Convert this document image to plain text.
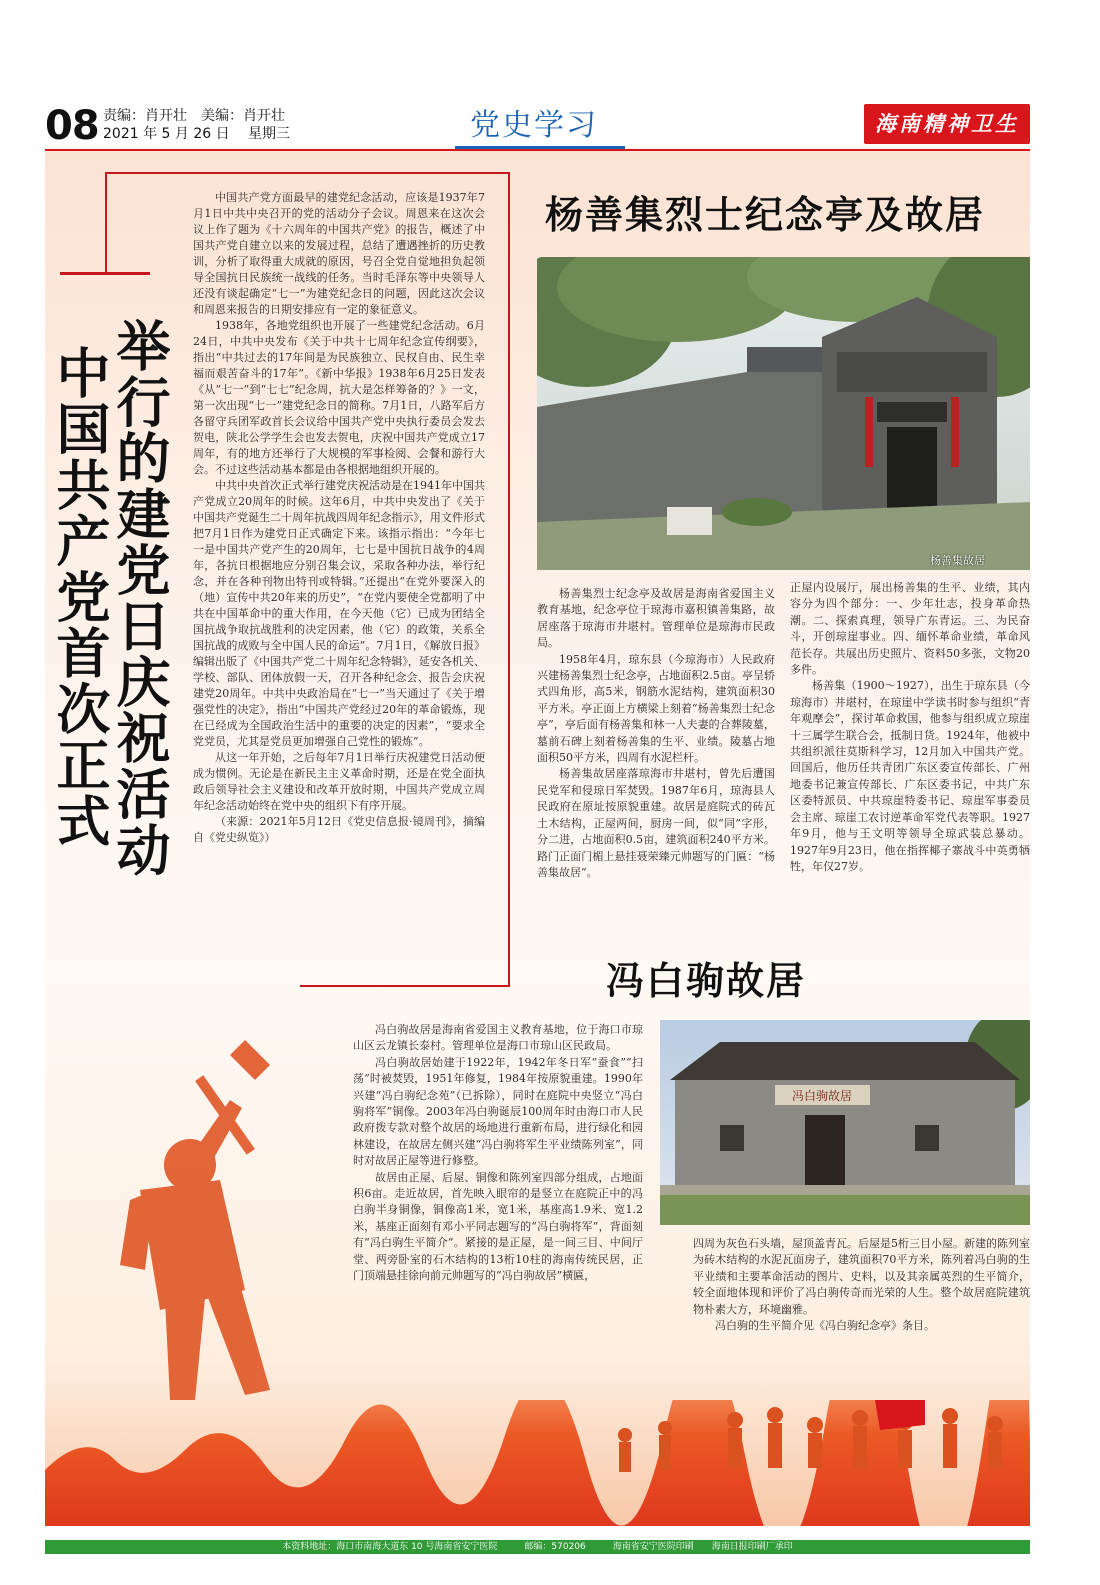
08 责编：肖开壮　美编：肖开壮
2021 年 5 月 26 日　 星期三	党史学习	海南精神卫生
举行的建党日庆祝活动
中国共产党首次正式

中国共产党方面最早的建党纪念活动，应该是1937年7月1日中共中央召开的党的活动分子会议。周恩来在这次会议上作了题为《十六周年的中国共产党》的报告，概述了中国共产党自建立以来的发展过程，总结了遭遇挫折的历史教训，分析了取得重大成就的原因，号召全党自觉地担负起领导全国抗日民族统一战线的任务。当时毛泽东等中央领导人还没有谈起确定“七一”为建党纪念日的问题，因此这次会议和周恩来报告的日期安排应有一定的象征意义。

1938年，各地党组织也开展了一些建党纪念活动。6月24日，中共中央发布《关于中共十七周年纪念宣传纲要》，指出“中共过去的17年间是为民族独立、民权自由、民生幸福而艰苦奋斗的17年”。《新中华报》1938年6月25日发表《从“七一”到“七七”纪念周，抗大是怎样筹备的？》一文，第一次出现“七一”建党纪念日的简称。7月1日，八路军后方各留守兵团军政首长会议给中国共产党中央执行委员会发去贺电，陕北公学学生会也发去贺电，庆祝中国共产党成立17周年，有的地方还举行了大规模的军事检阅、会餐和游行大会。不过这些活动基本都是由各根据地组织开展的。

中共中央首次正式举行建党庆祝活动是在1941年中国共产党成立20周年的时候。这年6月，中共中央发出了《关于中国共产党诞生二十周年抗战四周年纪念指示》，用文件形式把7月1日作为建党日正式确定下来。该指示指出：“今年七一是中国共产党产生的20周年，七七是中国抗日战争的4周年，各抗日根据地应分别召集会议，采取各种办法，举行纪念，并在各种刊物出特刊或特辑。”还提出“在党外要深入的（地）宣传中共20年来的历史”，“在党内要使全党都明了中共在中国革命中的重大作用，在今天他（它）已成为团结全国抗战争取抗战胜利的决定因素，他（它）的政策，关系全国抗战的成败与全中国人民的命运”。7月1日，《解放日报》编辑出版了《中国共产党二十周年纪念特辑》，延安各机关、学校、部队、团体放假一天，召开各种纪念会、报告会庆祝建党20周年。中共中央政治局在“七一”当天通过了《关于增强党性的决定》，指出“中国共产党经过20年的革命锻炼，现在已经成为全国政治生活中的重要的决定的因素”，“要求全党党员，尤其是党员更加增强自己党性的锻炼”。

从这一年开始，之后每年7月1日举行庆祝建党日活动便成为惯例。无论是在新民主主义革命时期，还是在党全面执政后领导社会主义建设和改革开放时期，中国共产党成立周年纪念活动始终在党中央的组织下有序开展。

（来源：2021年5月12日《党史信息报·镜周刊》，摘编自《党史纵览》）

杨善集烈士纪念亭及故居
杨善集故居

杨善集烈士纪念亭及故居是海南省爱国主义教育基地，纪念亭位于琼海市嘉积镇善集路，故居座落于琼海市井堪村。管理单位是琼海市民政局。

1958年4月，琼东县（今琼海市）人民政府兴建杨善集烈士纪念亭，占地面积2.5亩。亭呈轿式四角形，高5米，钢筋水泥结构，建筑面积30平方米。亭正面上方横梁上刻着“杨善集烈士纪念亭”，亭后面有杨善集和林一人夫妻的合葬陵墓，墓前石碑上刻着杨善集的生平、业绩。陵墓占地面积50平方米，四周有水泥栏杆。

杨善集故居座落琼海市井堪村，曾先后遭国民党军和侵琼日军焚毁。1987年6月，琼海县人民政府在原址按原貌重建。故居是庭院式的砖瓦土木结构，正屋两间，厨房一间，似“同”字形，分二进，占地面积0.5亩，建筑面积240平方米。路门正面门楣上悬挂聂荣臻元帅题写的门匾：“杨善集故居”。

正屋内设展厅，展出杨善集的生平、业绩，其内容分为四个部分：一、少年壮志，投身革命热潮。二、探索真理，领导广东青运。三、为民奋斗，开创琼崖事业。四、缅怀革命业绩，革命风范长存。共展出历史照片、资料50多张，文物20多件。

杨善集（1900～1927），出生于琼东县（今琼海市）井堪村，在琼崖中学读书时参与组织“青年观摩会”，探讨革命救国，他参与组织成立琼崖十三属学生联合会，抵制日货。1924年，他被中共组织派往莫斯科学习，12月加入中国共产党。回国后，他历任共青团广东区委宣传部长、广州地委书记兼宣传部长、广东区委书记，中共广东区委特派员、中共琼崖特委书记、琼崖军事委员会主席、琼崖工农讨逆革命军党代表等职。1927年9月，他与王文明等领导全琼武装总暴动。1927年9月23日，他在指挥椰子寨战斗中英勇牺牲，年仅27岁。

冯白驹故居
冯白驹故居

冯白驹故居是海南省爱国主义教育基地，位于海口市琼山区云龙镇长泰村。管理单位是海口市琼山区民政局。

冯白驹故居始建于1922年，1942年冬日军“蚕食”“扫荡”时被焚毁，1951年修复，1984年按原貌重建。1990年兴建“冯白驹纪念苑”（已拆除），同时在庭院中央竖立“冯白驹将军”铜像。2003年冯白驹诞辰100周年时由海口市人民政府拨专款对整个故居的场地进行重新布局，进行绿化和园林建设，在故居左侧兴建“冯白驹将军生平业绩陈列室”，同时对故居正屋等进行修整。

故居由正屋、后屋、铜像和陈列室四部分组成，占地面积6亩。走近故居，首先映入眼帘的是竖立在庭院正中的冯白驹半身铜像，铜像高1米，宽1米，基座高1.9米、宽1.2米，基座正面刻有邓小平同志题写的“冯白驹将军”，背面刻有“冯白驹生平简介”。紧接的是正屋，是一间三目、中间厅堂、两旁卧室的石木结构的13桁10柱的海南传统民居，正门顶端悬挂徐向前元帅题写的“冯白驹故居”横匾，

四周为灰色石头墙，屋顶盖青瓦。后屋是5桁三目小屋。新建的陈列室为砖木结构的水泥瓦面房子，建筑面积70平方米，陈列着冯白驹的生平业绩和主要革命活动的图片、史料，以及其亲属英烈的生平简介，较全面地体现和评价了冯白驹传奇而光荣的人生。整个故居庭院建筑物朴素大方，环境幽雅。

冯白驹的生平简介见《冯白驹纪念亭》条目。

本资料地址：海口市南海大道东 10 号海南省安宁医院　　　邮编：570206　　　海南省安宁医院印刷　　海南日报印刷厂承印
